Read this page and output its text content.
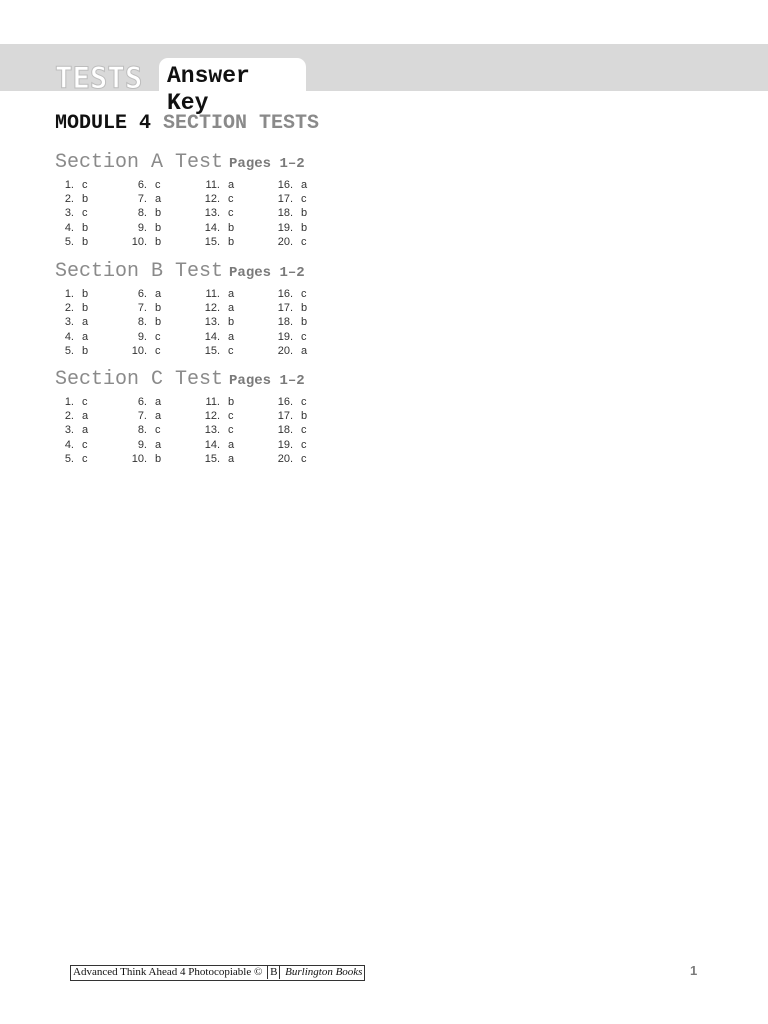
TESTS Answer Key
MODULE 4 SECTION TESTS
Section A Test Pages 1–2
1. c
2. b
3. c
4. b
5. b
6. c
7. a
8. b
9. b
10. b
11. a
12. c
13. c
14. b
15. b
16. a
17. c
18. b
19. b
20. c
Section B Test Pages 1–2
1. b
2. b
3. a
4. a
5. b
6. a
7. b
8. b
9. c
10. c
11. a
12. a
13. b
14. a
15. c
16. c
17. b
18. b
19. c
20. a
Section C Test Pages 1–2
1. c
2. a
3. a
4. c
5. c
6. a
7. a
8. c
9. a
10. b
11. b
12. c
13. c
14. a
15. a
16. c
17. b
18. c
19. c
20. c
Advanced Think Ahead 4 Photocopiable © B Burlington Books	1
